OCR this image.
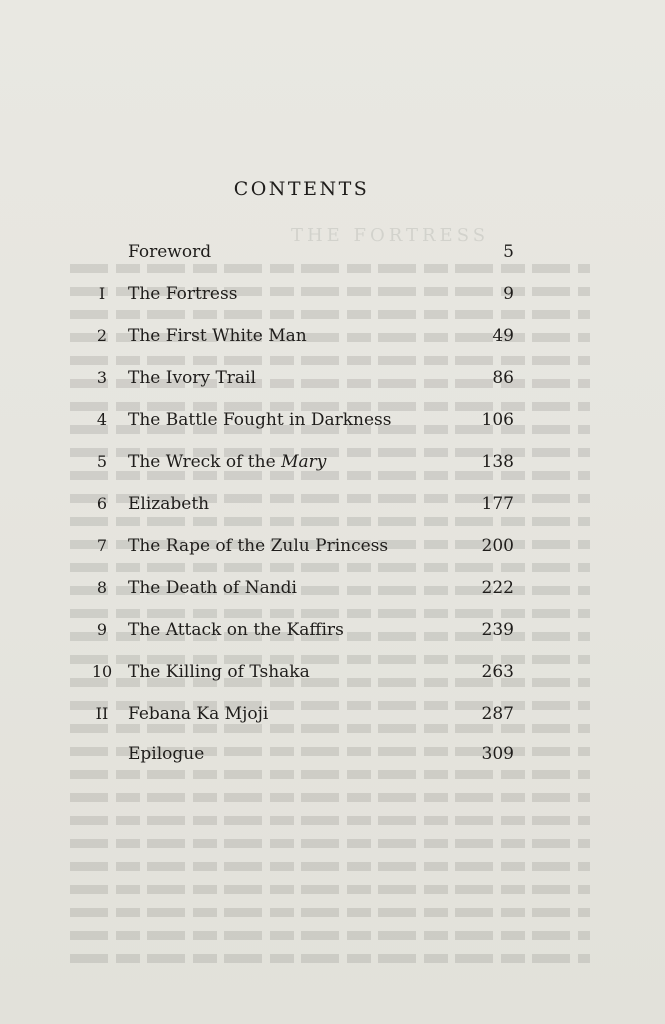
THE FORTRESS
CONTENTS
Foreword	5
I	The Fortress	9
2	The First White Man	49
3	The Ivory Trail	86
4	The Battle Fought in Darkness	106
5	The Wreck of the Mary	138
6	Elizabeth	177
7	The Rape of the Zulu Princess	200
8	The Death of Nandi	222
9	The Attack on the Kaffirs	239
10 The Killing of Tshaka	263
II	Febana Ka Mjoji	287
Epilogue	309
